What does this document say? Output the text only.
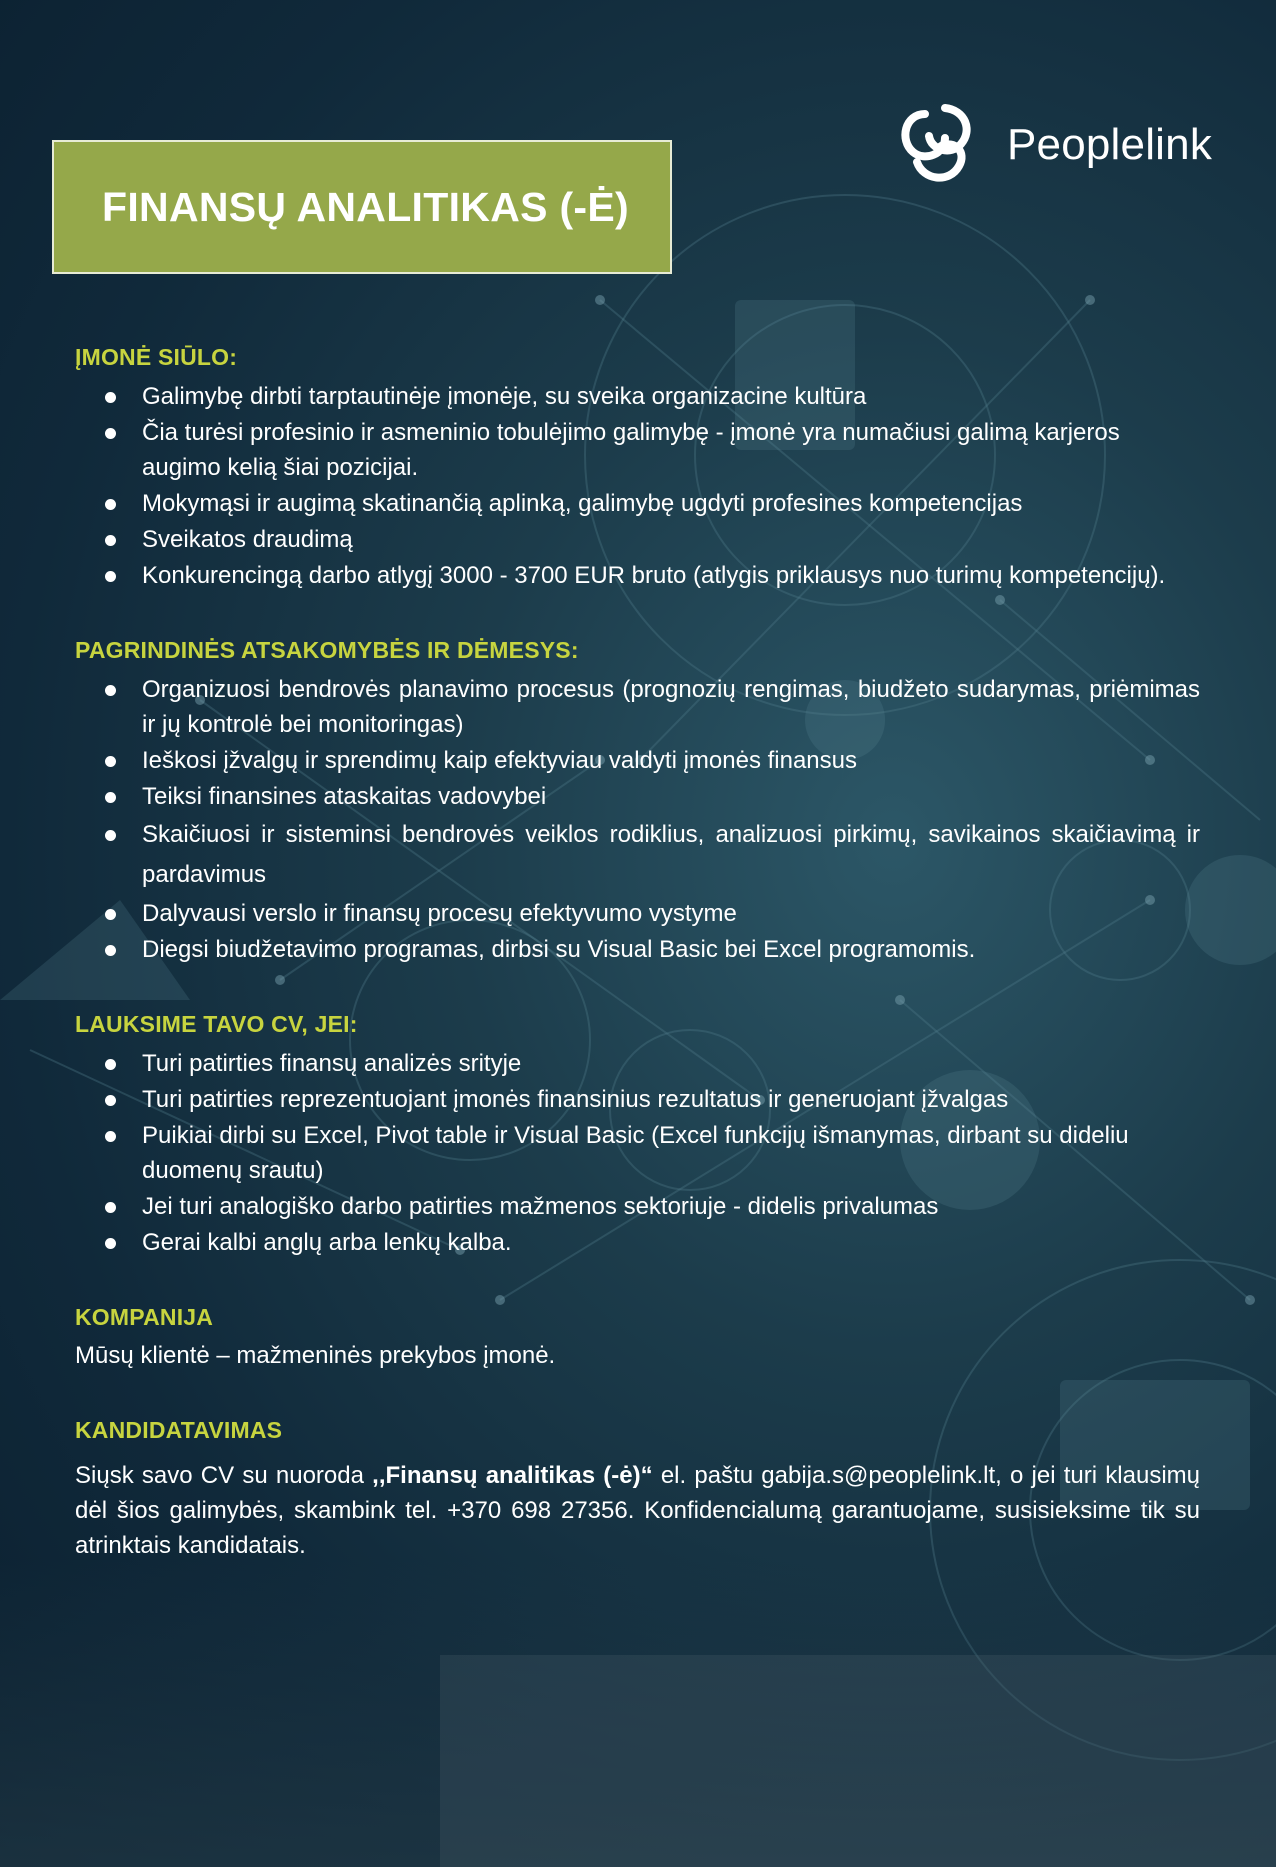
FINANSŲ ANALITIKAS (-Ė)
Peoplelink
ĮMONĖ SIŪLO:
Galimybę dirbti tarptautinėje įmonėje, su sveika organizacine kultūra
Čia turėsi profesinio ir asmeninio tobulėjimo galimybę - įmonė yra numačiusi galimą karjeros augimo kelią šiai pozicijai.
Mokymąsi ir augimą skatinančią aplinką, galimybę ugdyti profesines kompetencijas
Sveikatos draudimą
Konkurencingą darbo atlygį 3000 - 3700 EUR bruto (atlygis priklausys nuo turimų kompetencijų).
PAGRINDINĖS ATSAKOMYBĖS IR DĖMESYS:
Organizuosi bendrovės planavimo procesus (prognozių rengimas, biudžeto sudarymas, priėmimas ir jų kontrolė bei monitoringas)
Ieškosi įžvalgų ir sprendimų kaip efektyviau valdyti įmonės finansus
Teiksi finansines ataskaitas vadovybei
Skaičiuosi ir sisteminsi bendrovės veiklos rodiklius, analizuosi pirkimų, savikainos skaičiavimą ir pardavimus
Dalyvausi verslo ir finansų procesų efektyvumo vystyme
Diegsi biudžetavimo programas, dirbsi su Visual Basic bei Excel programomis.
LAUKSIME TAVO CV, JEI:
Turi patirties finansų analizės srityje
Turi patirties reprezentuojant įmonės finansinius rezultatus ir generuojant įžvalgas
Puikiai dirbi su Excel, Pivot table ir Visual Basic (Excel funkcijų išmanymas, dirbant su dideliu duomenų srautu)
Jei turi analogiško darbo patirties mažmenos sektoriuje - didelis privalumas
Gerai kalbi anglų arba lenkų kalba.
KOMPANIJA

Mūsų klientė – mažmeninės prekybos įmonė.

KANDIDATAVIMAS

Siųsk savo CV su nuoroda ,,Finansų analitikas (-ė)“ el. paštu gabija.s@peoplelink.lt, o jei turi klausimų dėl šios galimybės, skambink tel. +370 698 27356. Konfidencialumą garantuojame, susisieksime tik su atrinktais kandidatais.
